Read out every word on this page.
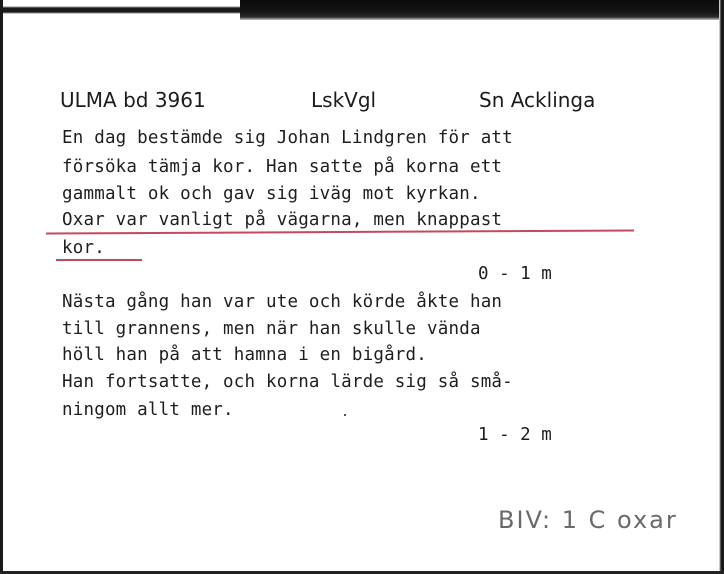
ULMA bd 3961	LskVgl	Sn Acklinga
En dag bestämde sig Johan Lindgren för att
försöka tämja kor. Han satte på korna ett
gammalt ok och gav sig iväg mot kyrkan.
Oxar var vanligt på vägarna, men knappast
kor.
0 - 1 m
Nästa gång han var ute och körde åkte han
till grannens, men när han skulle vända
höll han på att hamna i en bigård.
Han fortsatte, och korna lärde sig så små-
ningom allt mer.
1 - 2 m
BIV: 1 C oxar
